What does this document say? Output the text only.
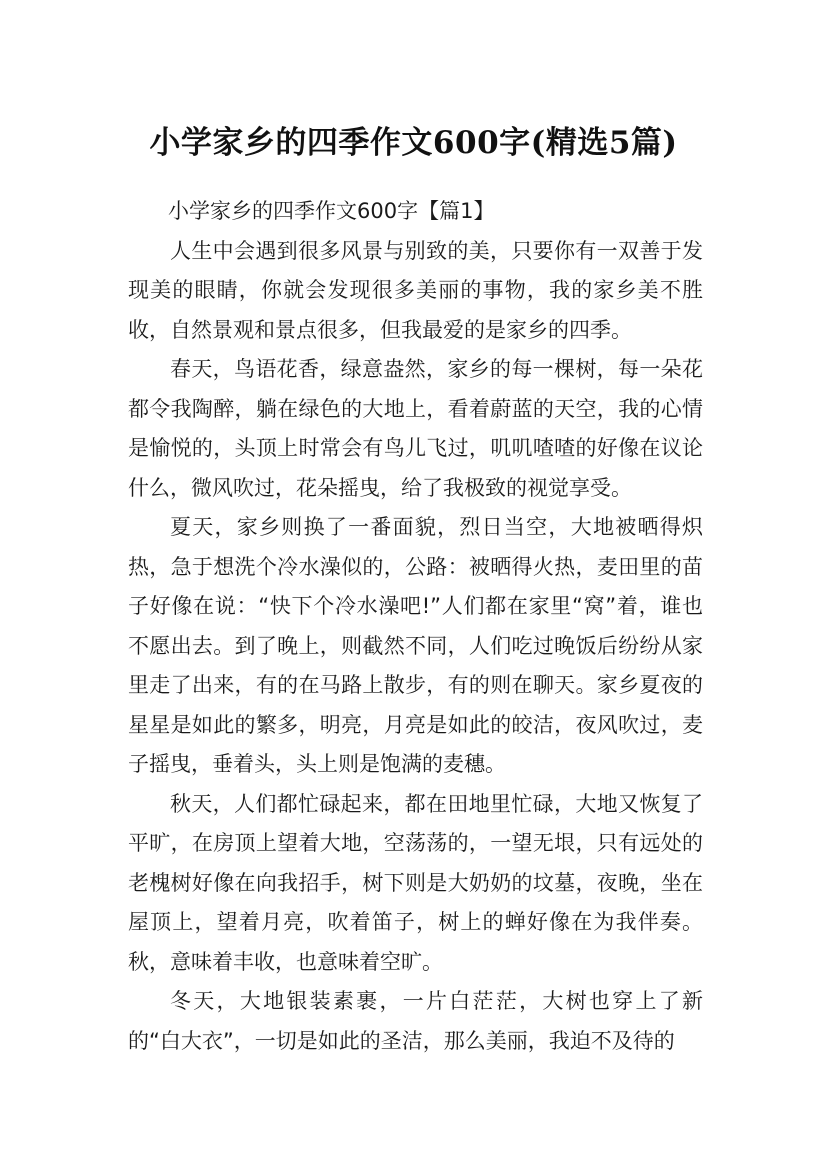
小学家乡的四季作文600字(精选5篇)

小学家乡的四季作文600字【篇1】

人生中会遇到很多风景与别致的美，只要你有一双善于发现美的眼睛，你就会发现很多美丽的事物，我的家乡美不胜收，自然景观和景点很多，但我最爱的是家乡的四季。

春天，鸟语花香，绿意盎然，家乡的每一棵树，每一朵花都令我陶醉，躺在绿色的大地上，看着蔚蓝的天空，我的心情是愉悦的，头顶上时常会有鸟儿飞过，叽叽喳喳的好像在议论什么，微风吹过，花朵摇曳，给了我极致的视觉享受。

夏天，家乡则换了一番面貌，烈日当空，大地被晒得炽热，急于想洗个冷水澡似的，公路：被晒得火热，麦田里的苗子好像在说：“快下个冷水澡吧!”人们都在家里“窝”着，谁也不愿出去。到了晚上，则截然不同，人们吃过晚饭后纷纷从家里走了出来，有的在马路上散步，有的则在聊天。家乡夏夜的星星是如此的繁多，明亮，月亮是如此的皎洁，夜风吹过，麦子摇曳，垂着头，头上则是饱满的麦穗。

秋天，人们都忙碌起来，都在田地里忙碌，大地又恢复了平旷，在房顶上望着大地，空荡荡的，一望无垠，只有远处的老槐树好像在向我招手，树下则是大奶奶的坟墓，夜晚，坐在屋顶上，望着月亮，吹着笛子，树上的蝉好像在为我伴奏。秋，意味着丰收，也意味着空旷。

冬天，大地银装素裹，一片白茫茫，大树也穿上了新的“白大衣”，一切是如此的圣洁，那么美丽，我迫不及待的
